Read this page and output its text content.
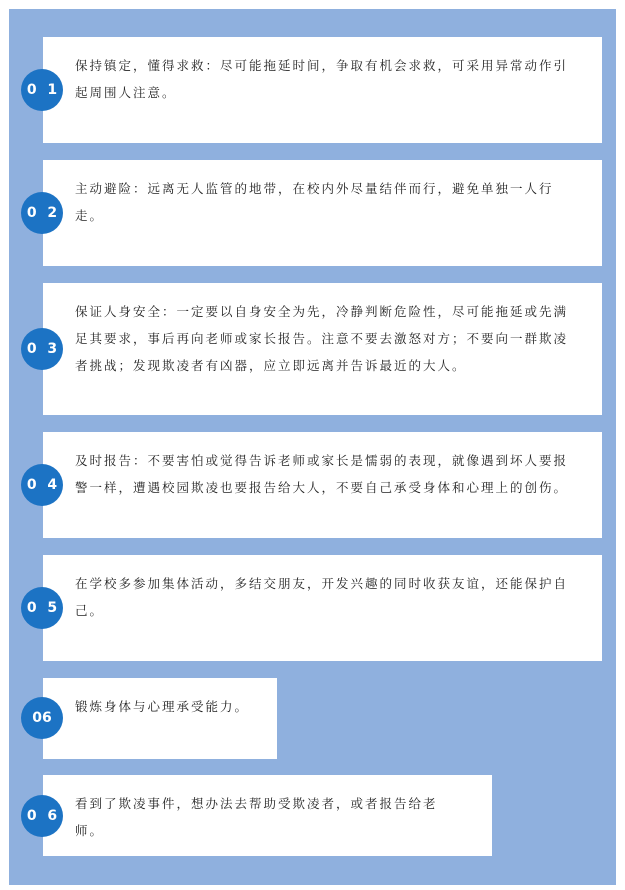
保持镇定，懂得求救：尽可能拖延时间，争取有机会求救，可采用异常动作引起周围人注意。
0 1
主动避险：远离无人监管的地带，在校内外尽量结伴而行，避免单独一人行走。
0 2
保证人身安全：一定要以自身安全为先，冷静判断危险性，尽可能拖延或先满足其要求，事后再向老师或家长报告。注意不要去激怒对方；不要向一群欺凌者挑战；发现欺凌者有凶器，应立即远离并告诉最近的大人。
0 3
及时报告：不要害怕或觉得告诉老师或家长是懦弱的表现，就像遇到坏人要报警一样，遭遇校园欺凌也要报告给大人，不要自己承受身体和心理上的创伤。
0 4
在学校多参加集体活动，多结交朋友，开发兴趣的同时收获友谊，还能保护自己。
0 5
锻炼身体与心理承受能力。
06
看到了欺凌事件，想办法去帮助受欺凌者，或者报告给老师。
0 6
